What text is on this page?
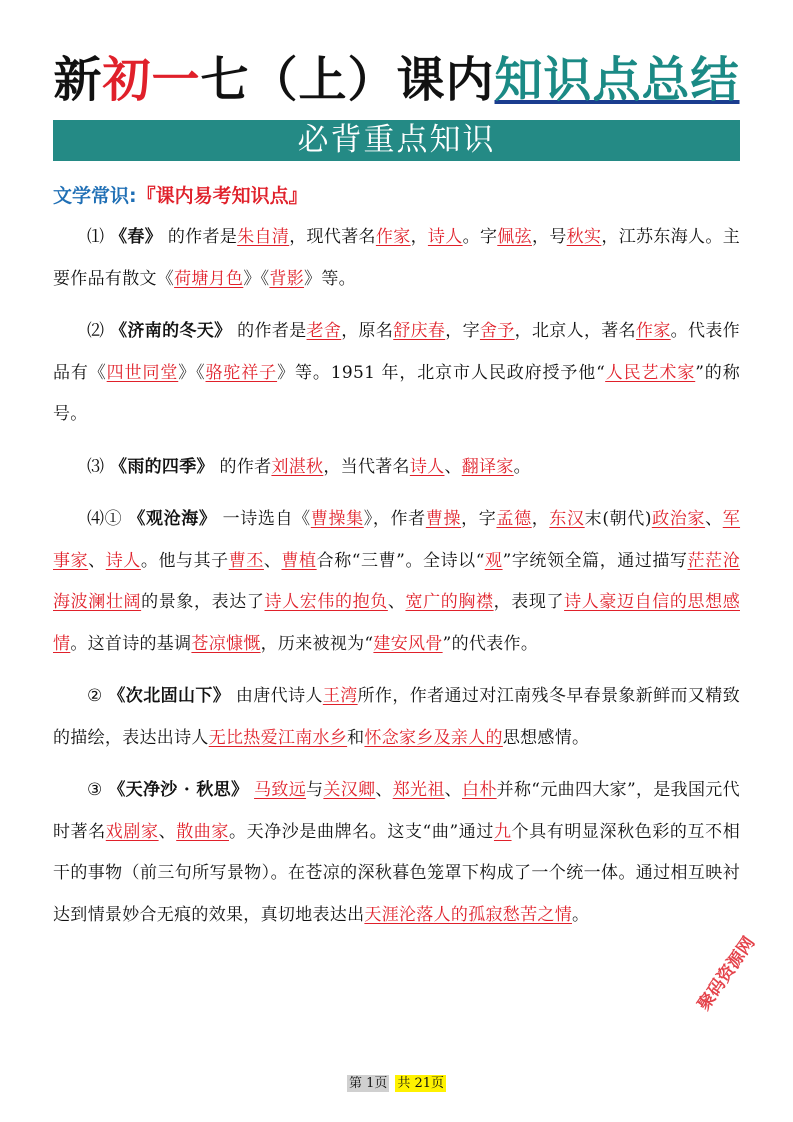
新初一七（上）课内知识点总结
必背重点知识
文学常识:『课内易考知识点』

⑴ 《春》 的作者是朱自清，现代著名作家，诗人。字佩弦，号秋实，江苏东海人。主要作品有散文《荷塘月色》《背影》等。

⑵ 《济南的冬天》 的作者是老舍，原名舒庆春，字舍予，北京人，著名作家。代表作品有《四世同堂》《骆驼祥子》等。1951 年，北京市人民政府授予他“人民艺术家”的称号。

⑶ 《雨的四季》 的作者刘湛秋，当代著名诗人、翻译家。

⑷① 《观沧海》 一诗选自《曹操集》，作者曹操，字孟德，东汉末(朝代)政治家、军事家、诗人。他与其子曹丕、曹植合称“三曹”。全诗以“观”字统领全篇，通过描写茫茫沧海波澜壮阔的景象，表达了诗人宏伟的抱负、宽广的胸襟，表现了诗人豪迈自信的思想感情。这首诗的基调苍凉慷慨，历来被视为“建安风骨”的代表作。

② 《次北固山下》 由唐代诗人王湾所作，作者通过对江南残冬早春景象新鲜而又精致的描绘，表达出诗人无比热爱江南水乡和怀念家乡及亲人的思想感情。

③ 《天净沙 · 秋思》 马致远与关汉卿、郑光祖、白朴并称“元曲四大家”，是我国元代时著名戏剧家、散曲家。天净沙是曲牌名。这支“曲”通过九个具有明显深秋色彩的互不相干的事物（前三句所写景物）。在苍凉的深秋暮色笼罩下构成了一个统一体。通过相互映衬达到情景妙合无痕的效果，真切地表达出天涯沦落人的孤寂愁苦之情。

第 1页 共 21页
聚码资源网
